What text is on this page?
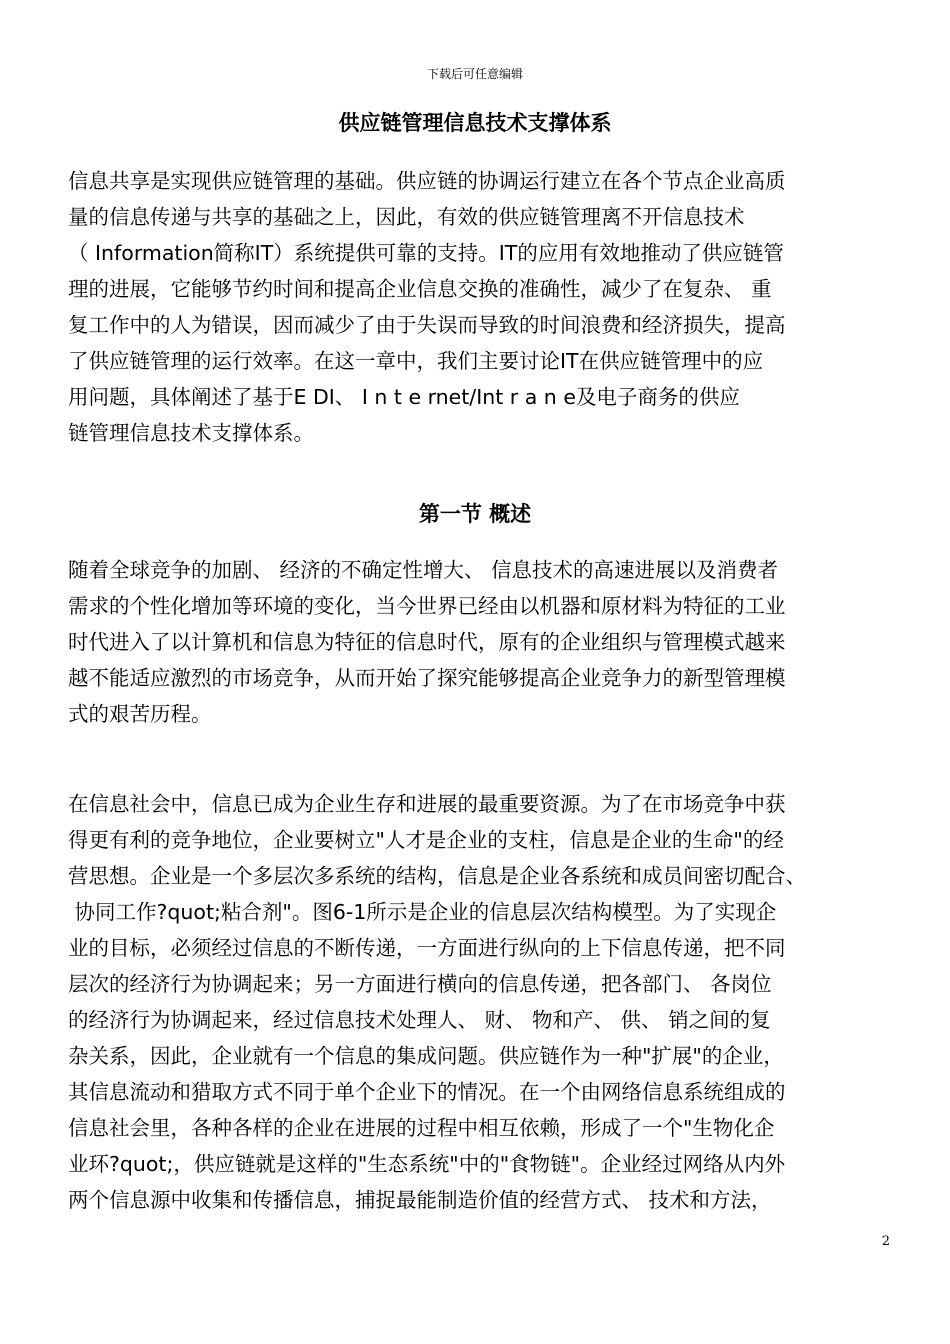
下载后可任意编辑
供应链管理信息技术支撑体系

信息共享是实现供应链管理的基础。供应链的协调运行建立在各个节点企业高质
量的信息传递与共享的基础之上，因此，有效的供应链管理离不开信息技术
（ Information简称IT）系统提供可靠的支持。IT的应用有效地推动了供应链管
理的进展，它能够节约时间和提高企业信息交换的准确性，减少了在复杂、 重
复工作中的人为错误，因而减少了由于失误而导致的时间浪费和经济损失，提高
了供应链管理的运行效率。在这一章中，我们主要讨论IT在供应链管理中的应
用问题，具体阐述了基于E DI、 I n t e rnet/Int r a n e及电子商务的供应
链管理信息技术支撑体系。

第一节 概述

随着全球竞争的加剧、 经济的不确定性增大、 信息技术的高速进展以及消费者
需求的个性化增加等环境的变化，当今世界已经由以机器和原材料为特征的工业
时代进入了以计算机和信息为特征的信息时代，原有的企业组织与管理模式越来
越不能适应激烈的市场竞争，从而开始了探究能够提高企业竞争力的新型管理模
式的艰苦历程。

在信息社会中，信息已成为企业生存和进展的最重要资源。为了在市场竞争中获
得更有利的竞争地位，企业要树立"人才是企业的支柱，信息是企业的生命"的经
营思想。企业是一个多层次多系统的结构，信息是企业各系统和成员间密切配合、
协同工作?quot;粘合剂"。图6-1所示是企业的信息层次结构模型。为了实现企
业的目标，必须经过信息的不断传递，一方面进行纵向的上下信息传递，把不同
层次的经济行为协调起来；另一方面进行横向的信息传递，把各部门、 各岗位
的经济行为协调起来，经过信息技术处理人、 财、 物和产、 供、 销之间的复
杂关系，因此，企业就有一个信息的集成问题。供应链作为一种"扩展"的企业，
其信息流动和猎取方式不同于单个企业下的情况。在一个由网络信息系统组成的
信息社会里，各种各样的企业在进展的过程中相互依赖，形成了一个"生物化企
业环?quot;，供应链就是这样的"生态系统"中的"食物链"。企业经过网络从内外
两个信息源中收集和传播信息，捕捉最能制造价值的经营方式、 技术和方法，

2
